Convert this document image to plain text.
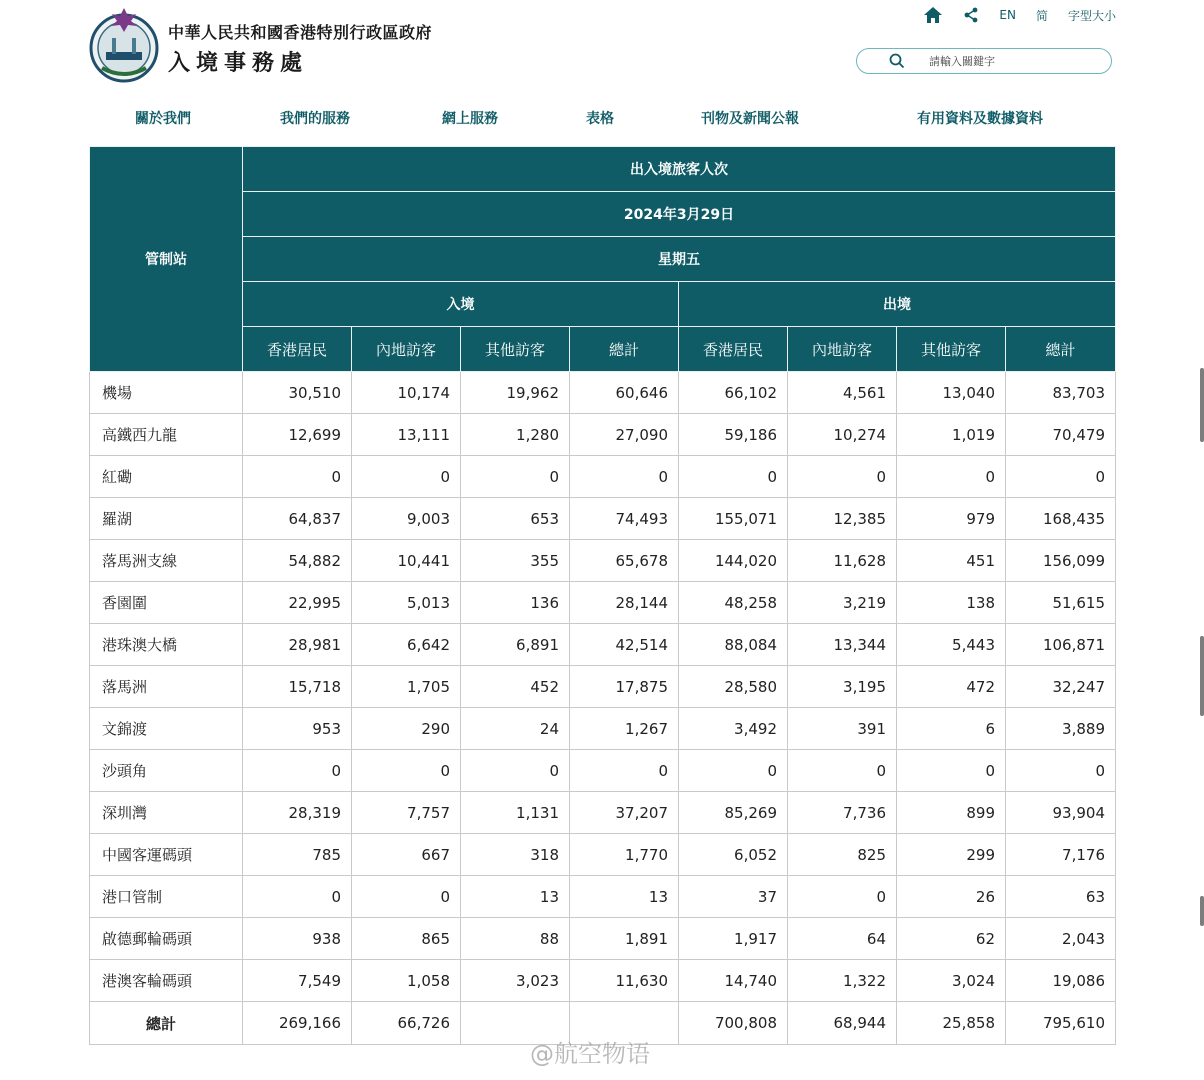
中華人民共和國香港特別行政區政府
入境事務處
EN 简 字型大小
請輸入關鍵字
關於我們	我們的服務	網上服務	表格	刊物及新聞公報	有用資料及數據資料
管制站	出入境旅客人次							
	2024年3月29日							
	星期五							
	入境				出境			
	香港居民	內地訪客	其他訪客	總計	香港居民	內地訪客	其他訪客	總計
機場	30,510	10,174	19,962	60,646	66,102	4,561	13,040	83,703
高鐵西九龍	12,699	13,111	1,280	27,090	59,186	10,274	1,019	70,479
紅磡	0	0	0	0	0	0	0	0
羅湖	64,837	9,003	653	74,493	155,071	12,385	979	168,435
落馬洲支線	54,882	10,441	355	65,678	144,020	11,628	451	156,099
香園圍	22,995	5,013	136	28,144	48,258	3,219	138	51,615
港珠澳大橋	28,981	6,642	6,891	42,514	88,084	13,344	5,443	106,871
落馬洲	15,718	1,705	452	17,875	28,580	3,195	472	32,247
文錦渡	953	290	24	1,267	3,492	391	6	3,889
沙頭角	0	0	0	0	0	0	0	0
深圳灣	28,319	7,757	1,131	37,207	85,269	7,736	899	93,904
中國客運碼頭	785	667	318	1,770	6,052	825	299	7,176
港口管制	0	0	13	13	37	0	26	63
啟德郵輪碼頭	938	865	88	1,891	1,917	64	62	2,043
港澳客輪碼頭	7,549	1,058	3,023	11,630	14,740	1,322	3,024	19,086
總計	269,166	66,726			700,808	68,944	25,858	795,610
@航空物语
